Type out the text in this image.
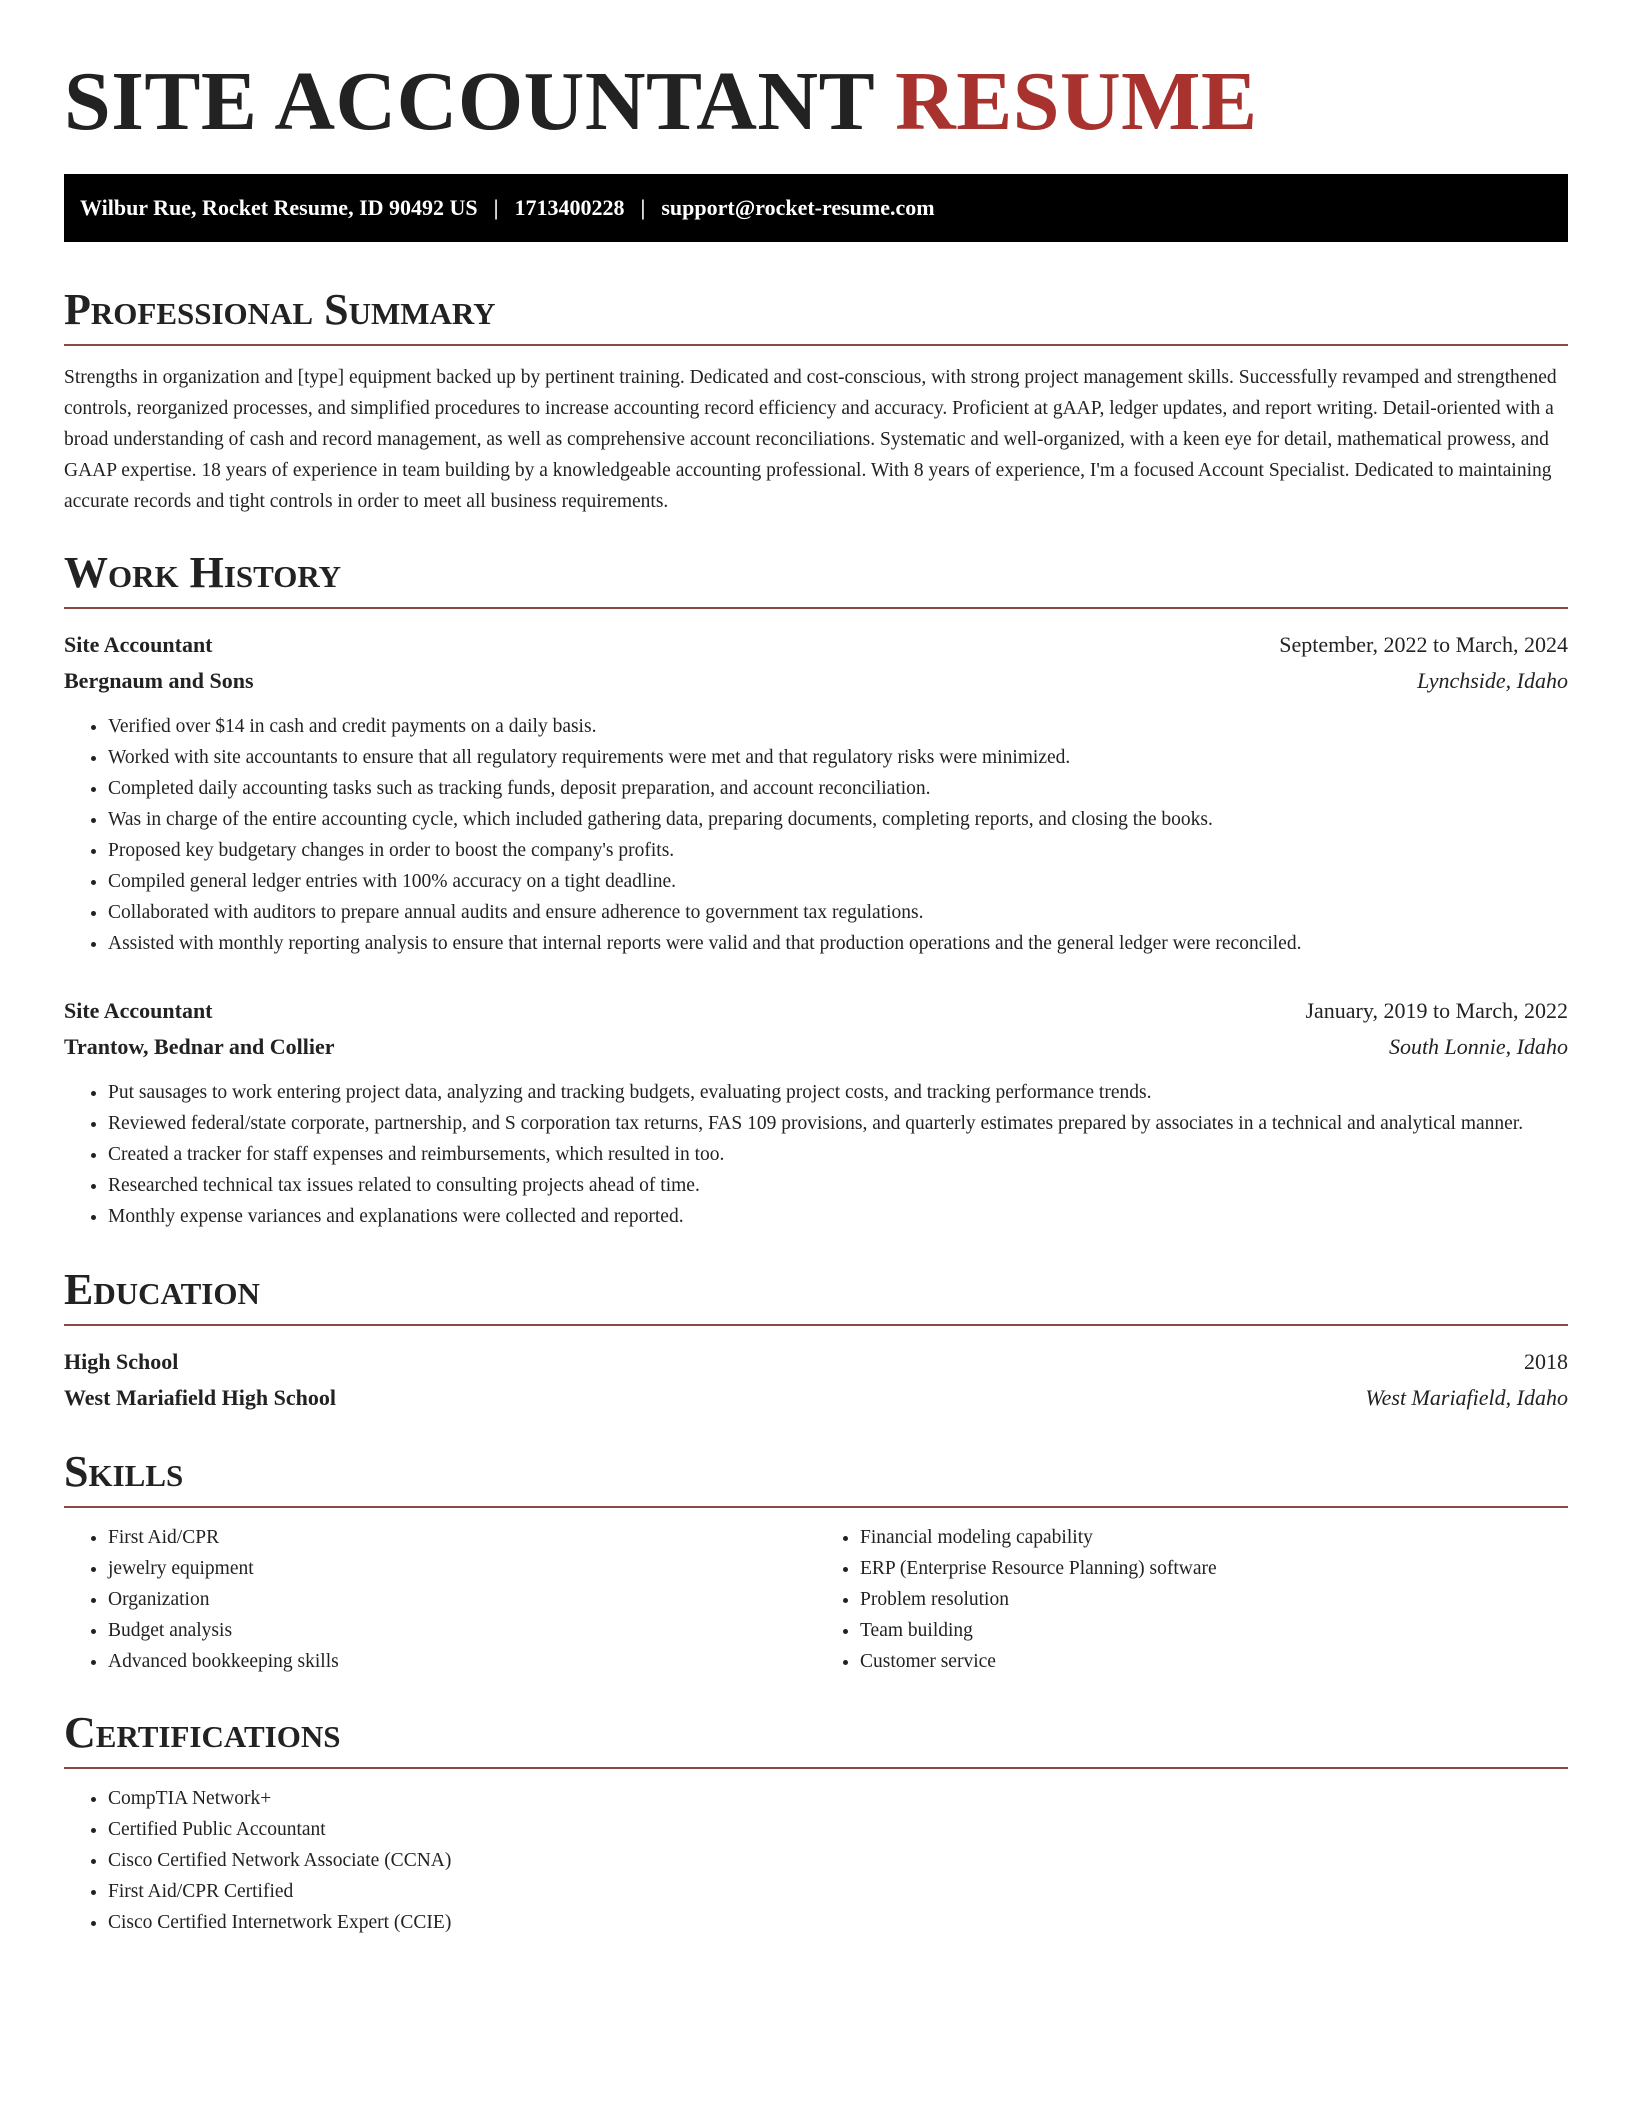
SITE ACCOUNTANT RESUME
Wilbur Rue, Rocket Resume, ID 90492 US | 1713400228 | support@rocket-resume.com
Professional Summary

Strengths in organization and [type] equipment backed up by pertinent training. Dedicated and cost-conscious, with strong project management skills. Successfully revamped and strengthened controls, reorganized processes, and simplified procedures to increase accounting record efficiency and accuracy. Proficient at gAAP, ledger updates, and report writing. Detail-oriented with a broad understanding of cash and record management, as well as comprehensive account reconciliations. Systematic and well-organized, with a keen eye for detail, mathematical prowess, and GAAP expertise. 18 years of experience in team building by a knowledgeable accounting professional. With 8 years of experience, I'm a focused Account Specialist. Dedicated to maintaining accurate records and tight controls in order to meet all business requirements.

Work History
Site Accountant	September, 2022 to March, 2024
Bergnaum and Sons	Lynchside, Idaho
• Verified over $14 in cash and credit payments on a daily basis.
• Worked with site accountants to ensure that all regulatory requirements were met and that regulatory risks were minimized.
• Completed daily accounting tasks such as tracking funds, deposit preparation, and account reconciliation.
• Was in charge of the entire accounting cycle, which included gathering data, preparing documents, completing reports, and closing the books.
• Proposed key budgetary changes in order to boost the company's profits.
• Compiled general ledger entries with 100% accuracy on a tight deadline.
• Collaborated with auditors to prepare annual audits and ensure adherence to government tax regulations.
• Assisted with monthly reporting analysis to ensure that internal reports were valid and that production operations and the general ledger were reconciled.
Site Accountant	January, 2019 to March, 2022
Trantow, Bednar and Collier	South Lonnie, Idaho
• Put sausages to work entering project data, analyzing and tracking budgets, evaluating project costs, and tracking performance trends.
• Reviewed federal/state corporate, partnership, and S corporation tax returns, FAS 109 provisions, and quarterly estimates prepared by associates in a technical and analytical manner.
• Created a tracker for staff expenses and reimbursements, which resulted in too.
• Researched technical tax issues related to consulting projects ahead of time.
• Monthly expense variances and explanations were collected and reported.
Education
High School	2018
West Mariafield High School	West Mariafield, Idaho
Skills
• First Aid/CPR
• jewelry equipment
• Organization
• Budget analysis
• Advanced bookkeeping skills
• Financial modeling capability
• ERP (Enterprise Resource Planning) software
• Problem resolution
• Team building
• Customer service
Certifications
• CompTIA Network+
• Certified Public Accountant
• Cisco Certified Network Associate (CCNA)
• First Aid/CPR Certified
• Cisco Certified Internetwork Expert (CCIE)
